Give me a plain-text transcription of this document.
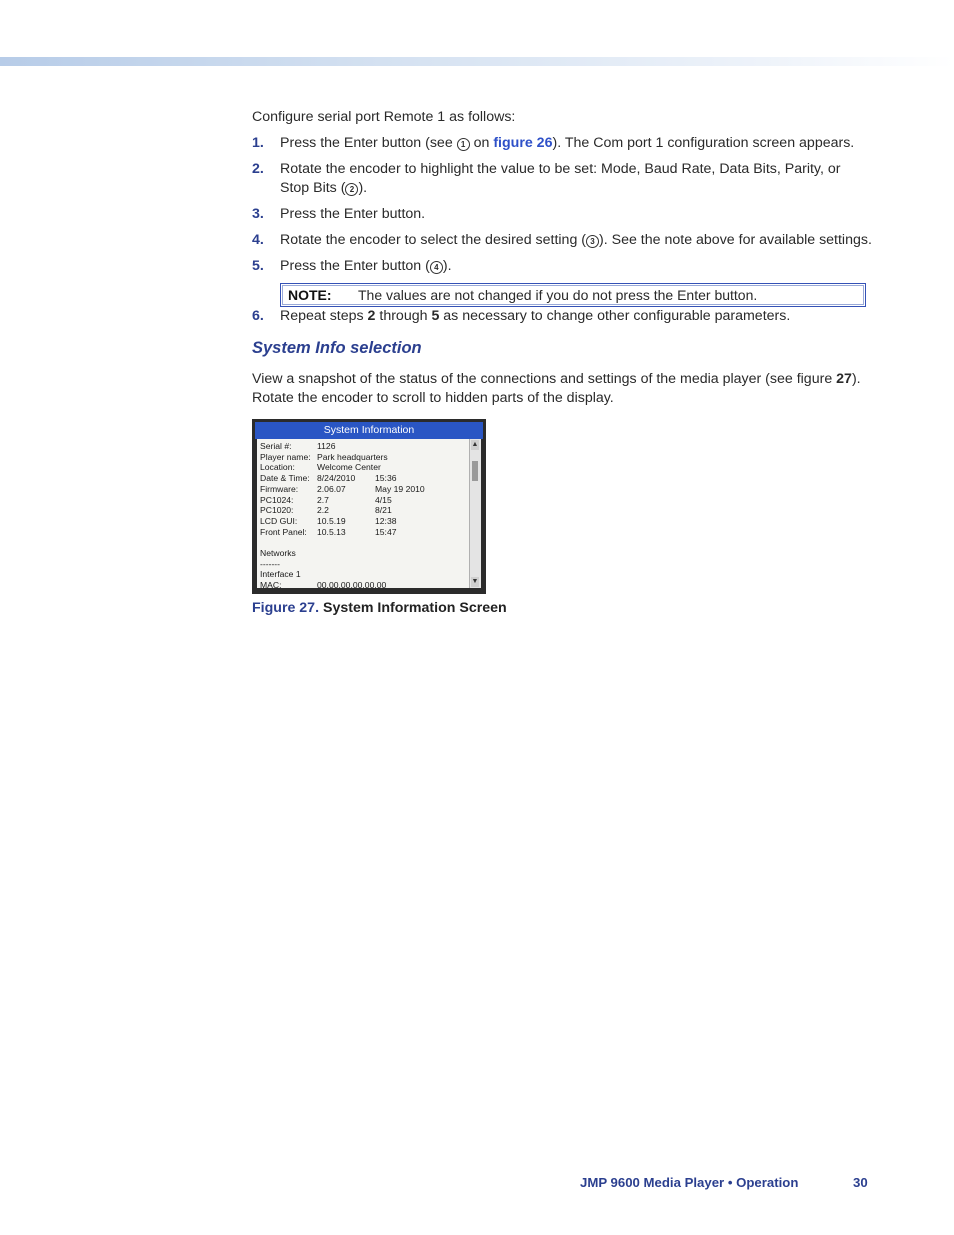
Configure serial port Remote 1 as follows:

1. Press the Enter button (see 1 on figure 26). The Com port 1 configuration screen appears.
2. Rotate the encoder to highlight the value to be set: Mode, Baud Rate, Data Bits, Parity, or Stop Bits ( 2 ).
3. Press the Enter button.
4. Rotate the encoder to select the desired setting ( 3 ). See the note above for available settings.
5. Press the Enter button ( 4 ).
NOTE:	The values are not changed if you do not press the Enter button.
6. Repeat steps 2 through 5 as necessary to change other configurable parameters.
System Info selection

View a snapshot of the status of the connections and settings of the media player (see figure 27). Rotate the encoder to scroll to hidden parts of the display.

System Information
Serial #:	1126
Player name: Park headquarters
Location:	Welcome Center
Date & Time: 8/24/2010	15:36
Firmware:	2.06.07	May 19 2010
PC1024:	2.7	4/15
PC1020:	2.2	8/21
LCD GUI:	10.5.19	12:38
Front Panel:	10.5.13	15:47
Networks
-------
Interface 1
MAC:	00.00.00.00.00.00
▲
▼

Figure 27. System Information Screen

JMP 9600 Media Player • Operation	30
